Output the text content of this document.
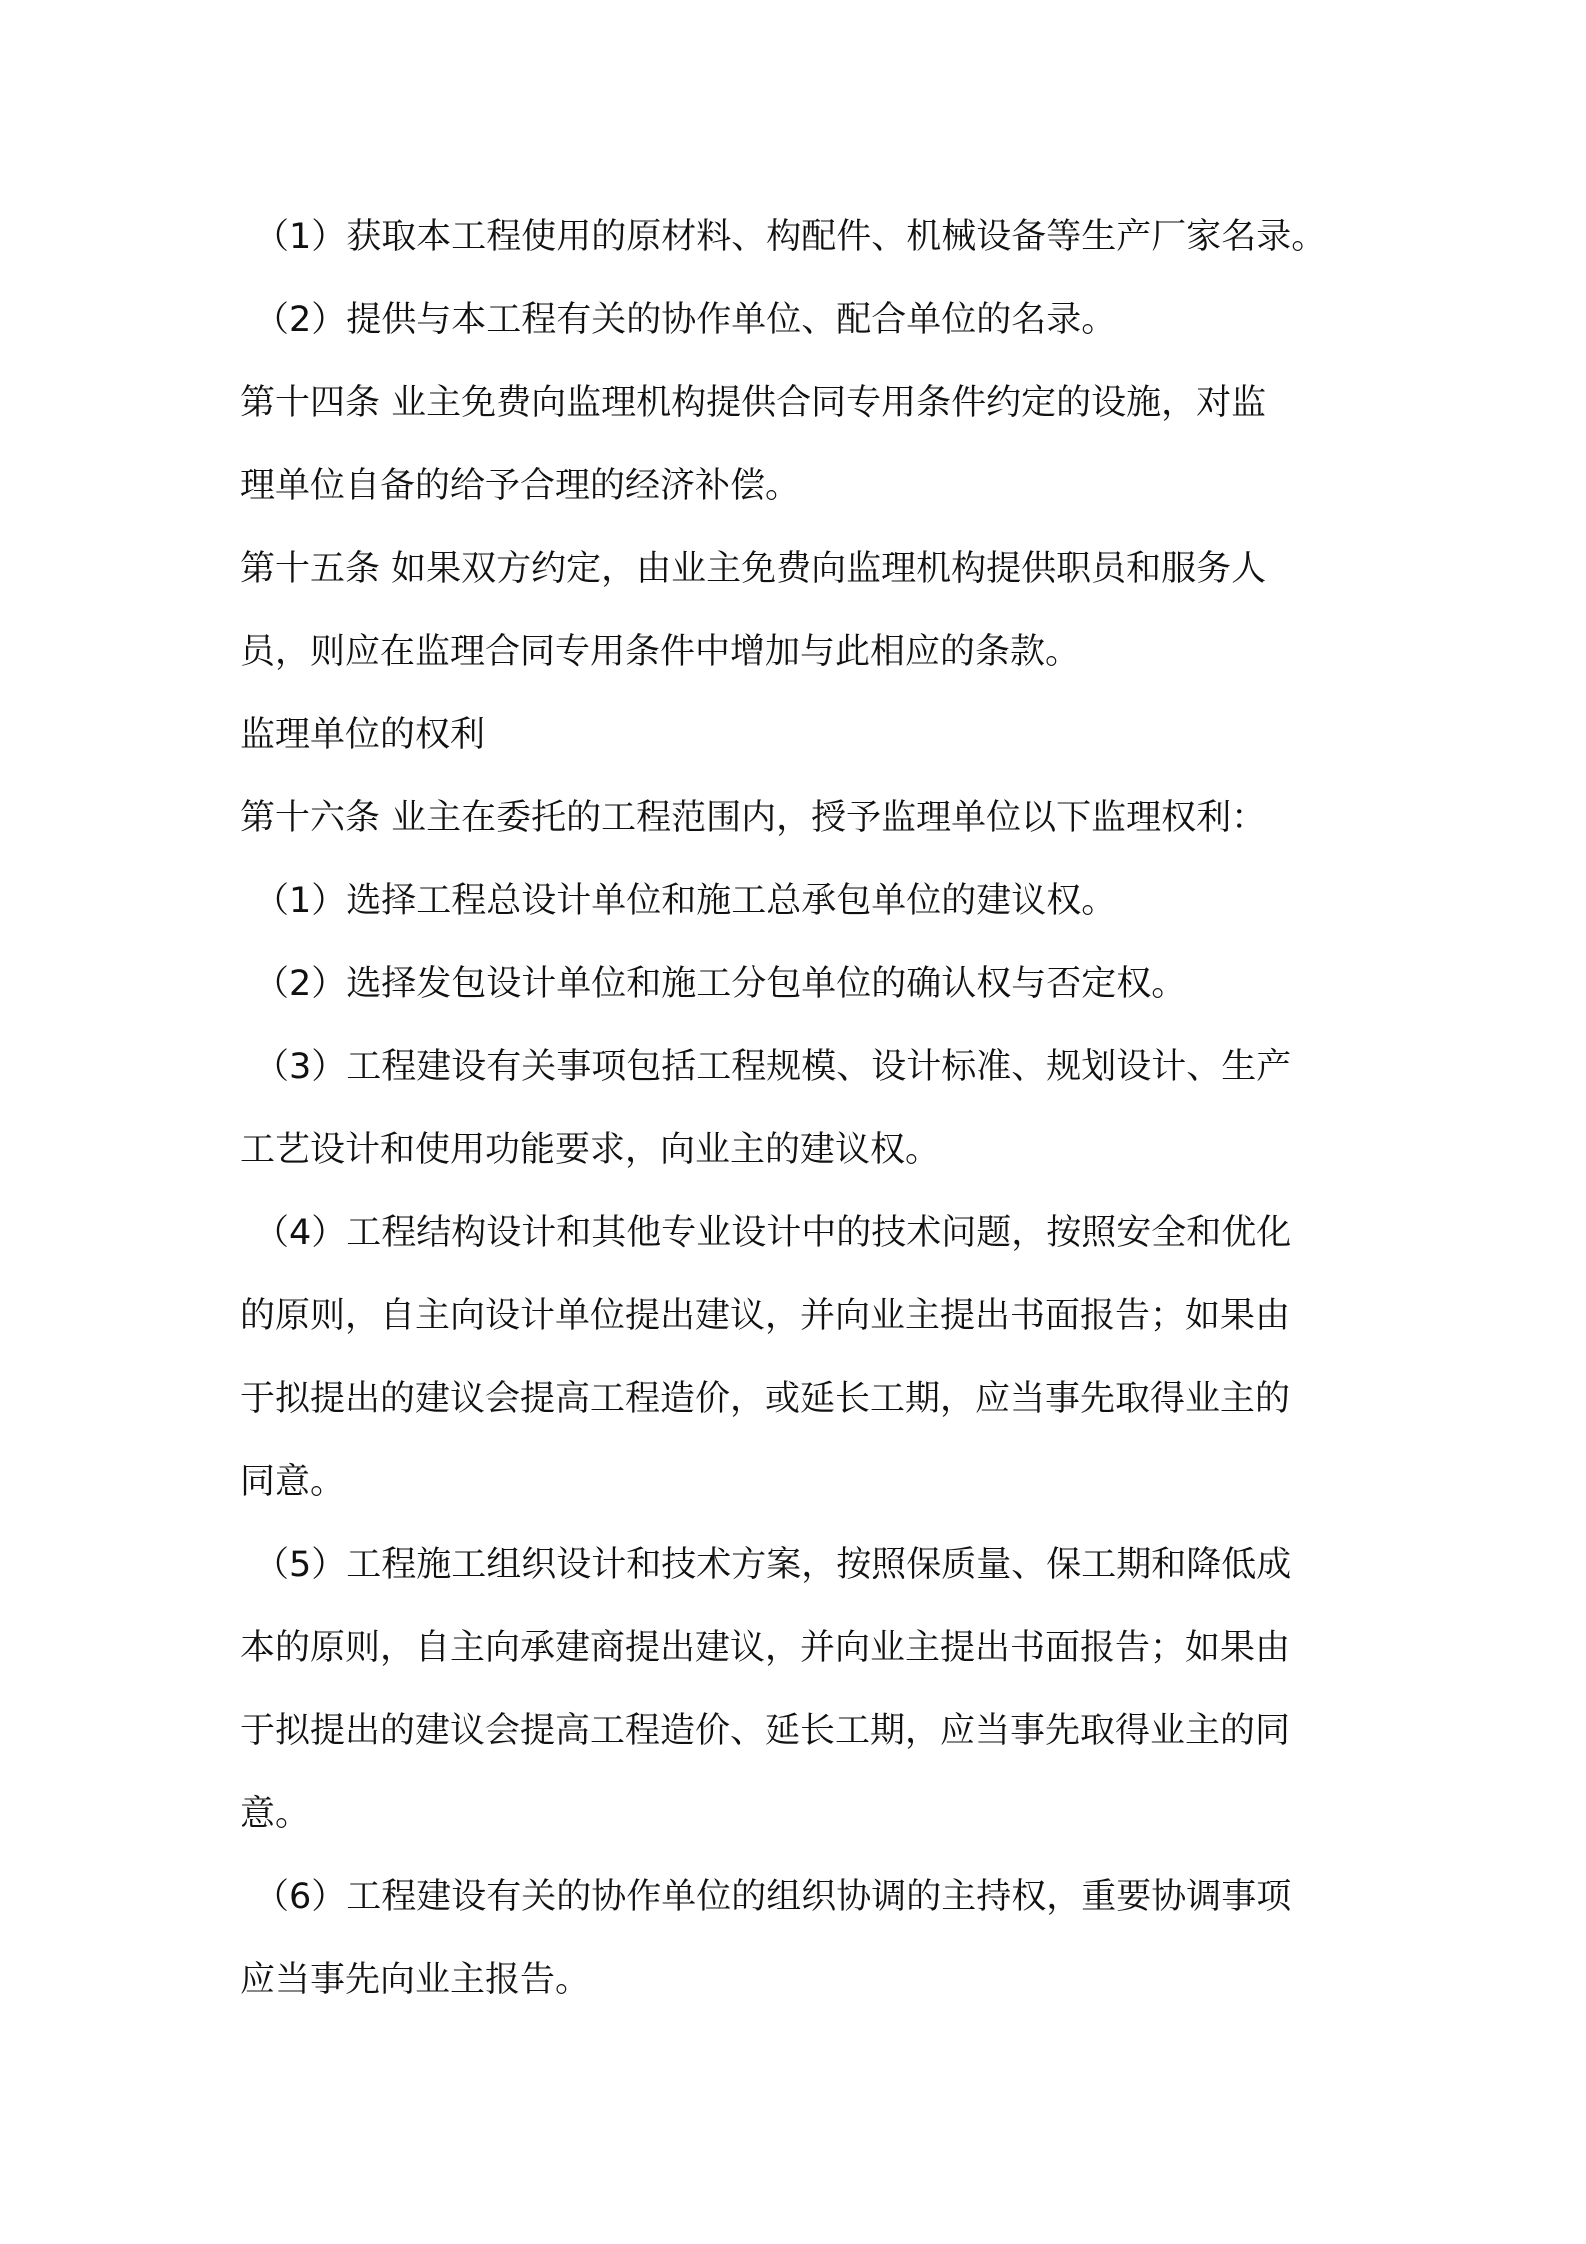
（1）获取本工程使用的原材料、构配件、机械设备等生产厂家名录。
（2）提供与本工程有关的协作单位、配合单位的名录。
第十四条 业主免费向监理机构提供合同专用条件约定的设施，对监
理单位自备的给予合理的经济补偿。
第十五条 如果双方约定，由业主免费向监理机构提供职员和服务人
员，则应在监理合同专用条件中增加与此相应的条款。
监理单位的权利
第十六条 业主在委托的工程范围内，授予监理单位以下监理权利：
（1）选择工程总设计单位和施工总承包单位的建议权。
（2）选择发包设计单位和施工分包单位的确认权与否定权。
（3）工程建设有关事项包括工程规模、设计标准、规划设计、生产
工艺设计和使用功能要求，向业主的建议权。
（4）工程结构设计和其他专业设计中的技术问题，按照安全和优化
的原则，自主向设计单位提出建议，并向业主提出书面报告；如果由
于拟提出的建议会提高工程造价，或延长工期，应当事先取得业主的
同意。
（5）工程施工组织设计和技术方案，按照保质量、保工期和降低成
本的原则，自主向承建商提出建议，并向业主提出书面报告；如果由
于拟提出的建议会提高工程造价、延长工期，应当事先取得业主的同
意。
（6）工程建设有关的协作单位的组织协调的主持权，重要协调事项
应当事先向业主报告。
